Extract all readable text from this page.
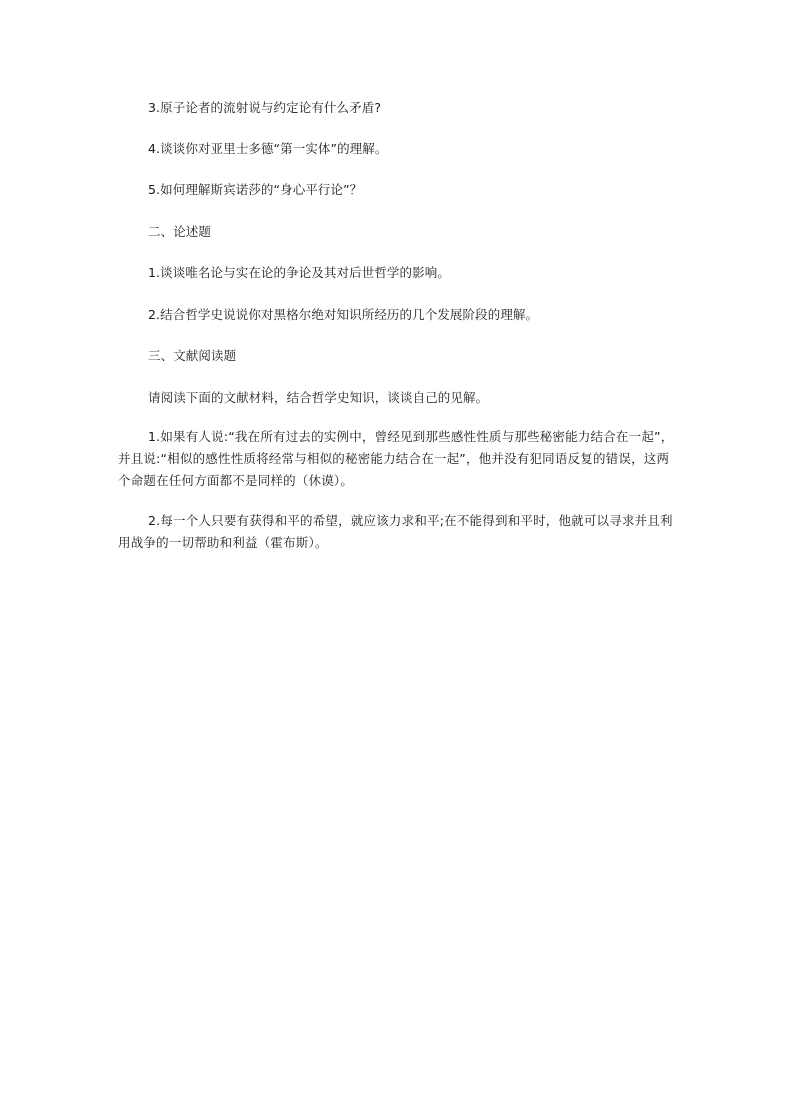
3.原子论者的流射说与约定论有什么矛盾?
4.谈谈你对亚里士多德“第一实体”的理解。
5.如何理解斯宾诺莎的“身心平行论”？
二、论述题
1.谈谈唯名论与实在论的争论及其对后世哲学的影响。
2.结合哲学史说说你对黑格尔绝对知识所经历的几个发展阶段的理解。
三、文献阅读题
请阅读下面的文献材料，结合哲学史知识，谈谈自己的见解。
1.如果有人说:“我在所有过去的实例中，曾经见到那些感性性质与那些秘密能力结合在一起”，并且说:“相似的感性性质将经常与相似的秘密能力结合在一起”，他并没有犯同语反复的错误，这两个命题在任何方面都不是同样的（休谟）。
2.每一个人只要有获得和平的希望，就应该力求和平;在不能得到和平时，他就可以寻求并且利用战争的一切帮助和利益（霍布斯）。
